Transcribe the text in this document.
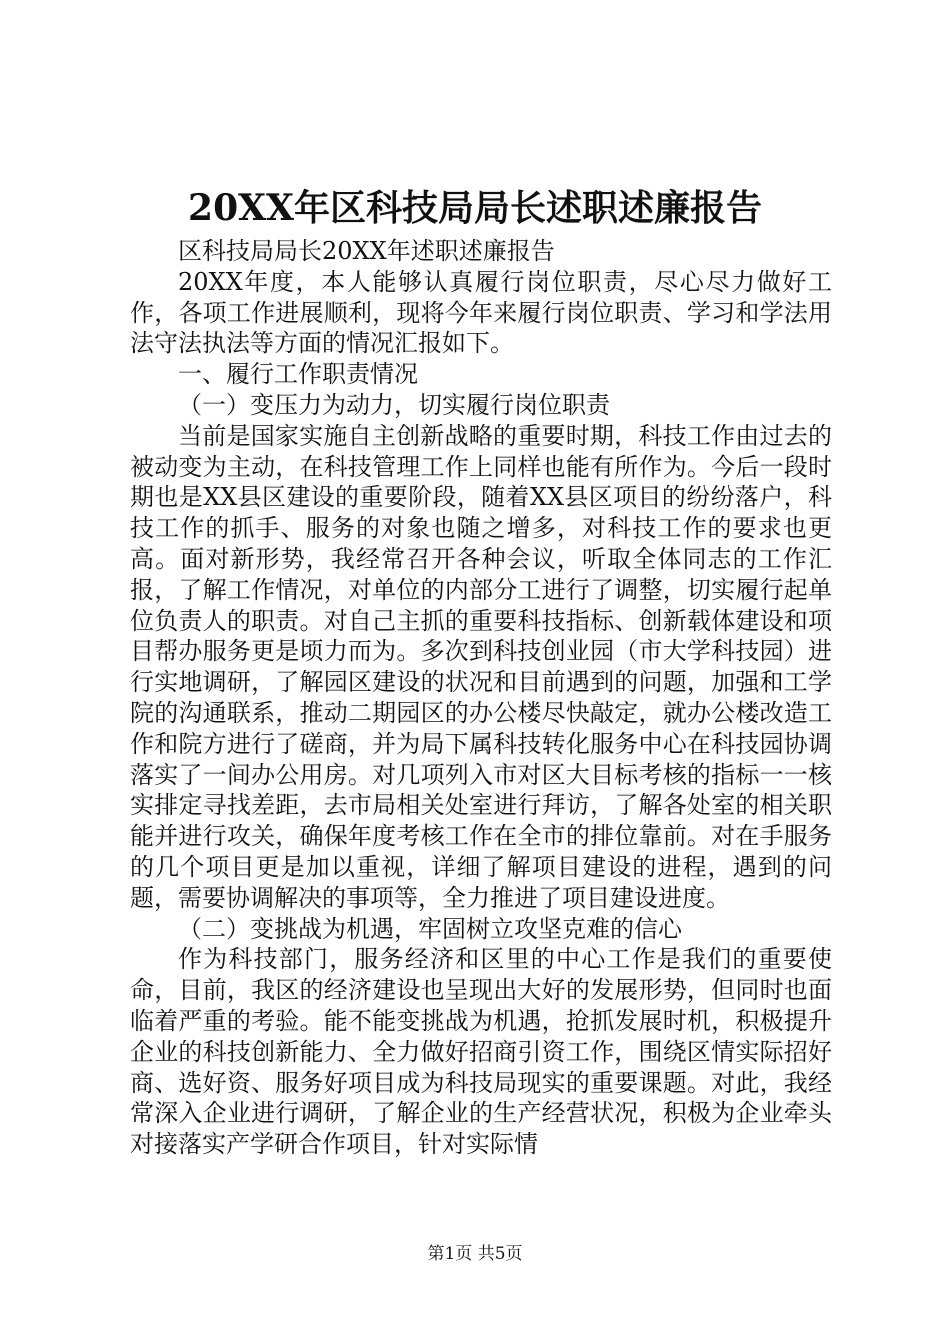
20XX年区科技局局长述职述廉报告

区科技局局长20XX年述职述廉报告

20XX年度，本人能够认真履行岗位职责，尽心尽力做好工作，各项工作进展顺利，现将今年来履行岗位职责、学习和学法用法守法执法等方面的情况汇报如下。

一、履行工作职责情况

（一）变压力为动力，切实履行岗位职责

当前是国家实施自主创新战略的重要时期，科技工作由过去的被动变为主动，在科技管理工作上同样也能有所作为。今后一段时期也是XX县区建设的重要阶段，随着XX县区项目的纷纷落户，科技工作的抓手、服务的对象也随之增多，对科技工作的要求也更高。面对新形势，我经常召开各种会议，听取全体同志的工作汇报，了解工作情况，对单位的内部分工进行了调整，切实履行起单位负责人的职责。对自己主抓的重要科技指标、创新载体建设和项目帮办服务更是顷力而为。多次到科技创业园（市大学科技园）进行实地调研，了解园区建设的状况和目前遇到的问题，加强和工学院的沟通联系，推动二期园区的办公楼尽快敲定，就办公楼改造工作和院方进行了磋商，并为局下属科技转化服务中心在科技园协调落实了一间办公用房。对几项列入市对区大目标考核的指标一一核实排定寻找差距，去市局相关处室进行拜访，了解各处室的相关职能并进行攻关，确保年度考核工作在全市的排位靠前。对在手服务的几个项目更是加以重视，详细了解项目建设的进程，遇到的问题，需要协调解决的事项等，全力推进了项目建设进度。

（二）变挑战为机遇，牢固树立攻坚克难的信心

作为科技部门，服务经济和区里的中心工作是我们的重要使命，目前，我区的经济建设也呈现出大好的发展形势，但同时也面临着严重的考验。能不能变挑战为机遇，抢抓发展时机，积极提升企业的科技创新能力、全力做好招商引资工作，围绕区情实际招好商、选好资、服务好项目成为科技局现实的重要课题。对此，我经常深入企业进行调研，了解企业的生产经营状况，积极为企业牵头对接落实产学研合作项目，针对实际情

第1页 共5页
